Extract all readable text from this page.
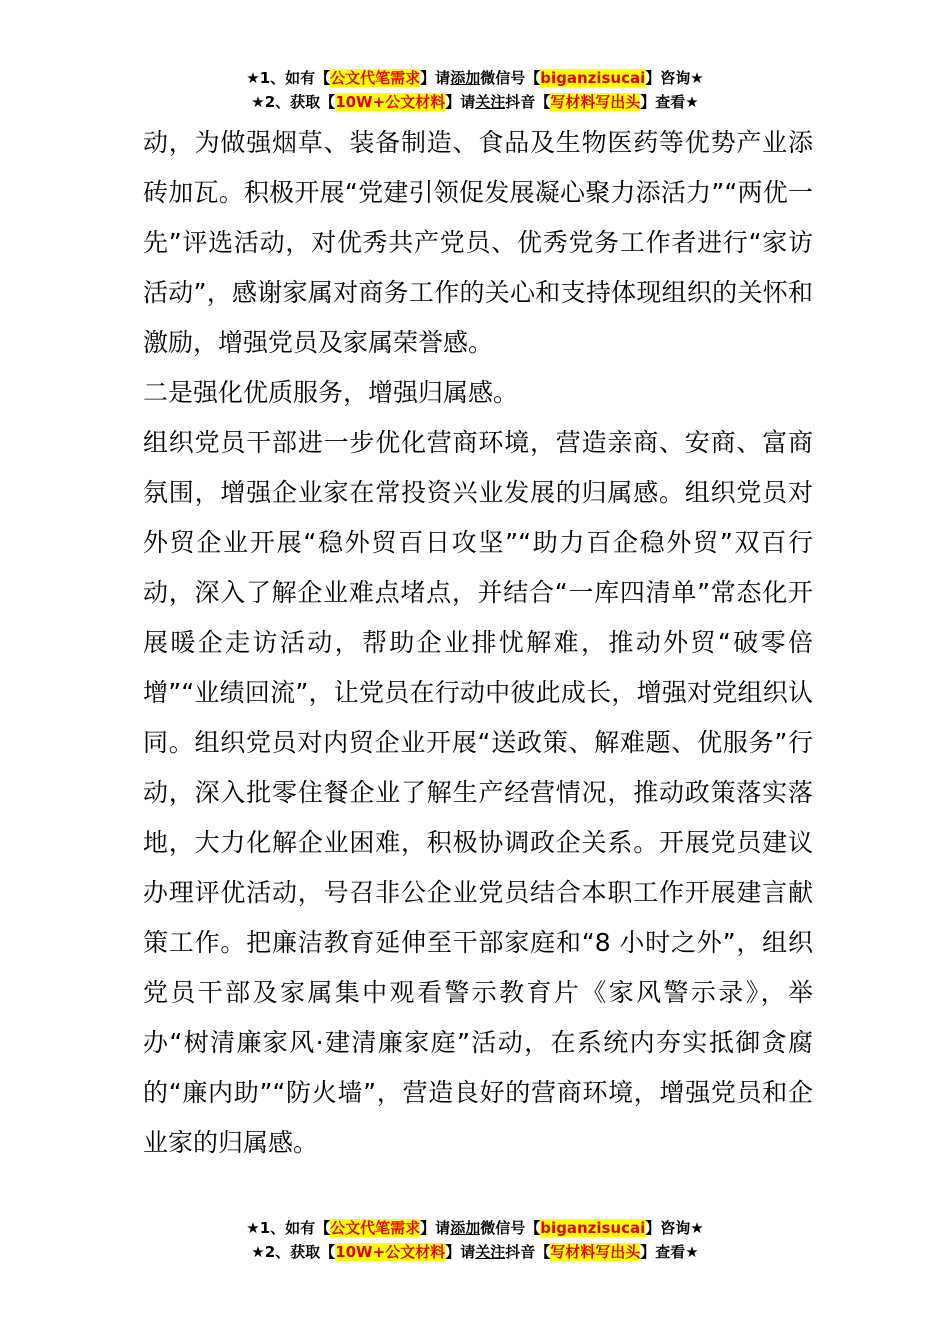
★1、如有【公文代笔需求】请添加微信号【biganzisucai】咨询★
★2、获取【10W+公文材料】请关注抖音【写材料写出头】查看★

动，为做强烟草、装备制造、食品及生物医药等优势产业添砖加瓦。积极开展“党建引领促发展凝心聚力添活力”“两优一先”评选活动，对优秀共产党员、优秀党务工作者进行“家访活动”，感谢家属对商务工作的关心和支持体现组织的关怀和激励，增强党员及家属荣誉感。

二是强化优质服务，增强归属感。

组织党员干部进一步优化营商环境，营造亲商、安商、富商氛围，增强企业家在常投资兴业发展的归属感。组织党员对外贸企业开展“稳外贸百日攻坚”“助力百企稳外贸”双百行动，深入了解企业难点堵点，并结合“一库四清单”常态化开展暖企走访活动，帮助企业排忧解难，推动外贸“破零倍增”“业绩回流”，让党员在行动中彼此成长，增强对党组织认同。组织党员对内贸企业开展“送政策、解难题、优服务”行动，深入批零住餐企业了解生产经营情况，推动政策落实落地，大力化解企业困难，积极协调政企关系。开展党员建议办理评优活动，号召非公企业党员结合本职工作开展建言献策工作。把廉洁教育延伸至干部家庭和“8 小时之外”，组织党员干部及家属集中观看警示教育片《家风警示录》，举办“树清廉家风·建清廉家庭”活动，在系统内夯实抵御贪腐的“廉内助”“防火墙”，营造良好的营商环境，增强党员和企业家的归属感。

★1、如有【公文代笔需求】请添加微信号【biganzisucai】咨询★
★2、获取【10W+公文材料】请关注抖音【写材料写出头】查看★
